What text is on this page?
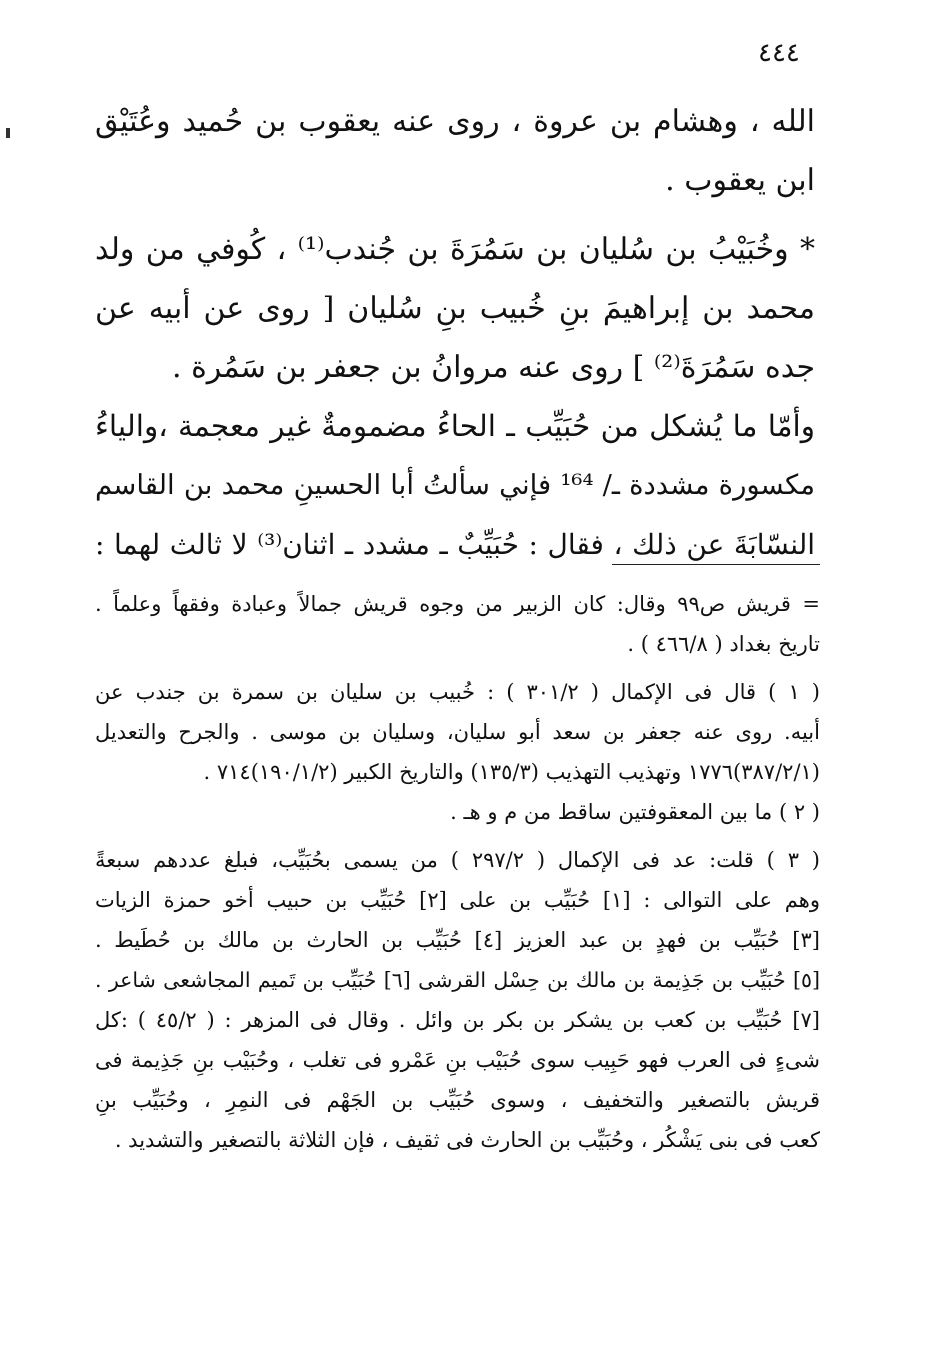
٤٤٤
الله ، وهشام بن عروة ، روى عنه يعقوب بن حُميد وعُتَيْق
ابن يعقوب .
* وخُبَيْبُ بن سُليان بن سَمُرَةَ بن جُندب⁽¹⁾ ، كُوفي من ولد
محمد بن إبراهيمَ بنِ خُبيب بنِ سُليان [ روى عن أبيه عن
جده سَمُرَةَ⁽²⁾ ] روى عنه مروانُ بن جعفر بن سَمُرة .
وأمّا ما يُشكل من حُبَيِّب ـ الحاءُ مضمومةٌ غير معجمة ،والياءُ
مكسورة مشددة ـ/ ¹⁶⁴ فإني سألتُ أبا الحسينِ محمد بن القاسم
النسّابَةَ عن ذلك ، فقال : حُبَيِّبٌ ـ مشدد ـ اثنان⁽³⁾ لا ثالث لهما :
= قريش ص٩٩ وقال: كان الزبير من وجوه قريش جمالاً وعبادة وفقهاً وعلماً .
تاريخ بغداد ( ٤٦٦/٨ ) .
( ١ ) قال فى الإكمال ( ٣٠١/٢ ) : خُبيب بن سليان بن سمرة بن جندب عن
أبيه. روى عنه جعفر بن سعد أبو سليان، وسليان بن موسى . والجرح والتعديل
(٣٨٧/٢/١)١٧٧٦ وتهذيب التهذيب (١٣٥/٣) والتاريخ الكبير (١٩٠/١/٢)٧١٤ .
( ٢ ) ما بين المعقوفتين ساقط من م و هـ .
( ٣ ) قلت: عد فى الإكمال ( ٢٩٧/٢ ) من يسمى بحُبَيِّب، فبلغ عددهم سبعةً
وهم على التوالى : [١] حُبَيِّب بن على [٢] حُبَيِّب بن حبيب أخو حمزة الزيات
[٣] حُبَيِّب بن فهدٍ بن عبد العزيز [٤] حُبَيِّب بن الحارث بن مالك بن حُطَيط .
[٥] حُبَيِّب بن جَذِيمة بن مالك بن حِسْل القرشى [٦] حُبَيِّب بن تَميم المجاشعى شاعر .
[٧] حُبَيِّب بن كعب بن يشكر بن بكر بن وائل . وقال فى المزهر : ( ٤٥/٢ ) :كل
شىءٍ فى العرب فهو حَبِيب سوى حُبَيْب بنِ عَمْرو فى تغلب ، وحُبَيْب بنِ جَذِيمة فى
قريش بالتصغير والتخفيف ، وسوى حُبَيِّب بن الجَهْم فى النمِرِ ، وحُبَيِّب بنِ
كعب فى بنى يَشْكُر ، وحُبَيِّب بن الحارث فى ثقيف ، فإن الثلاثة بالتصغير والتشديد .
